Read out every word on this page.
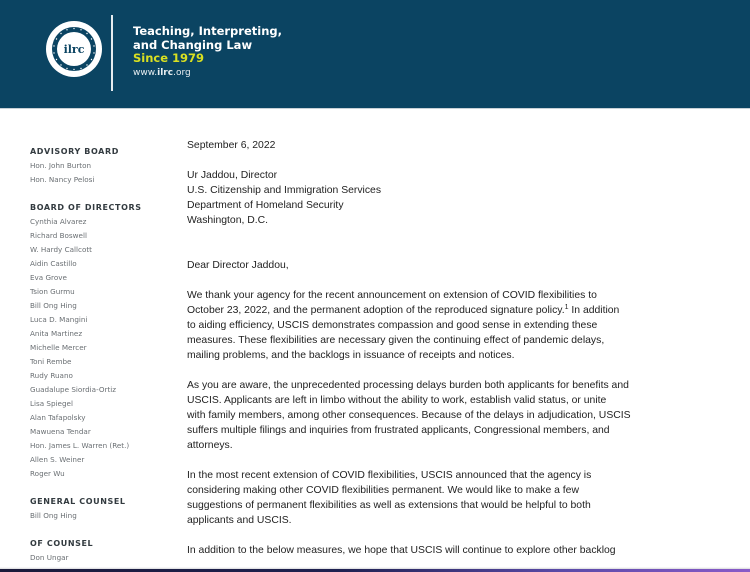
ilrc
Teaching, Interpreting,
and Changing Law
Since 1979
www.ilrc.org
ADVISORY BOARD
Hon. John Burton
Hon. Nancy Pelosi
BOARD OF DIRECTORS
Cynthia Alvarez
Richard Boswell
W. Hardy Callcott
Aidin Castillo
Eva Grove
Tsion Gurmu
Bill Ong Hing
Luca D. Mangini
Anita Martinez
Michelle Mercer
Toni Rembe
Rudy Ruano
Guadalupe Siordia-Ortiz
Lisa Spiegel
Alan Tafapolsky
Mawuena Tendar
Hon. James L. Warren (Ret.)
Allen S. Weiner
Roger Wu
GENERAL COUNSEL
Bill Ong Hing
OF COUNSEL
Don Ungar

September 6, 2022

Ur Jaddou, Director

U.S. Citizenship and Immigration Services

Department of Homeland Security

Washington, D.C.

Dear Director Jaddou,

We thank your agency for the recent announcement on extension of COVID flexibilities to

October 23, 2022, and the permanent adoption of the reproduced signature policy.$^1$ In addition

to aiding efficiency, USCIS demonstrates compassion and good sense in extending these

measures. These flexibilities are necessary given the continuing effect of pandemic delays,

mailing problems, and the backlogs in issuance of receipts and notices.

As you are aware, the unprecedented processing delays burden both applicants for benefits and

USCIS. Applicants are left in limbo without the ability to work, establish valid status, or unite

with family members, among other consequences. Because of the delays in adjudication, USCIS

suffers multiple filings and inquiries from frustrated applicants, Congressional members, and

attorneys.

In the most recent extension of COVID flexibilities, USCIS announced that the agency is

considering making other COVID flexibilities permanent. We would like to make a few

suggestions of permanent flexibilities as well as extensions that would be helpful to both

applicants and USCIS.

In addition to the below measures, we hope that USCIS will continue to explore other backlog
